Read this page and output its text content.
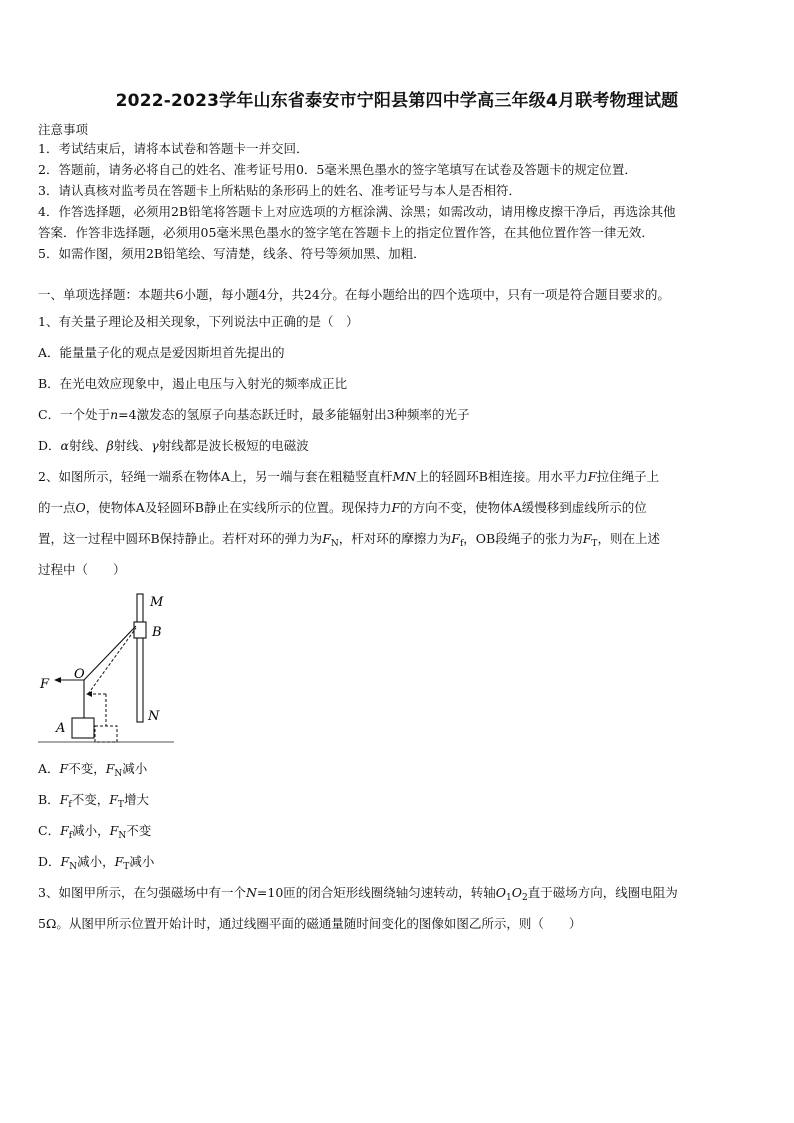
2022-2023学年山东省泰安市宁阳县第四中学高三年级4月联考物理试题
注意事项
1．考试结束后，请将本试卷和答题卡一并交回．
2．答题前，请务必将自己的姓名、准考证号用0．5毫米黑色墨水的签字笔填写在试卷及答题卡的规定位置．
3．请认真核对监考员在答题卡上所粘贴的条形码上的姓名、准考证号与本人是否相符．
4．作答选择题，必须用2B铅笔将答题卡上对应选项的方框涂满、涂黑；如需改动，请用橡皮擦干净后，再选涂其他
答案．作答非选择题，必须用05毫米黑色墨水的签字笔在答题卡上的指定位置作答，在其他位置作答一律无效．
5．如需作图，须用2B铅笔绘、写清楚，线条、符号等须加黑、加粗．
一、单项选择题：本题共6小题，每小题4分，共24分。在每小题给出的四个选项中，只有一项是符合题目要求的。
1、有关量子理论及相关现象，下列说法中正确的是（　）
A．能量量子化的观点是爱因斯坦首先提出的
B．在光电效应现象中，遏止电压与入射光的频率成正比
C．一个处于n=4激发态的氢原子向基态跃迁时，最多能辐射出3种频率的光子
D．α射线、β射线、γ射线都是波长极短的电磁波
2、如图所示，轻绳一端系在物体A上，另一端与套在粗糙竖直杆MN上的轻圆环B相连接。用水平力F拉住绳子上
的一点O，使物体A及轻圆环B静止在实线所示的位置。现保持力F的方向不变，使物体A缓慢移到虚线所示的位
置，这一过程中圆环B保持静止。若杆对环的弹力为$F_N$，杆对环的摩擦力为$F_f$，OB段绳子的张力为$F_T$，则在上述
过程中（　　）
M
B
O
F
A
N
A．F不变，$F_N$减小
B．$F_f$不变，$F_T$增大
C．$F_f$减小，$F_N$不变
D．$F_N$减小，$F_T$减小
3、如图甲所示，在匀强磁场中有一个N=10匝的闭合矩形线圈绕轴匀速转动，转轴$O_1O_2$直于磁场方向，线圈电阻为
5Ω。从图甲所示位置开始计时，通过线圈平面的磁通量随时间变化的图像如图乙所示，则（　　）
